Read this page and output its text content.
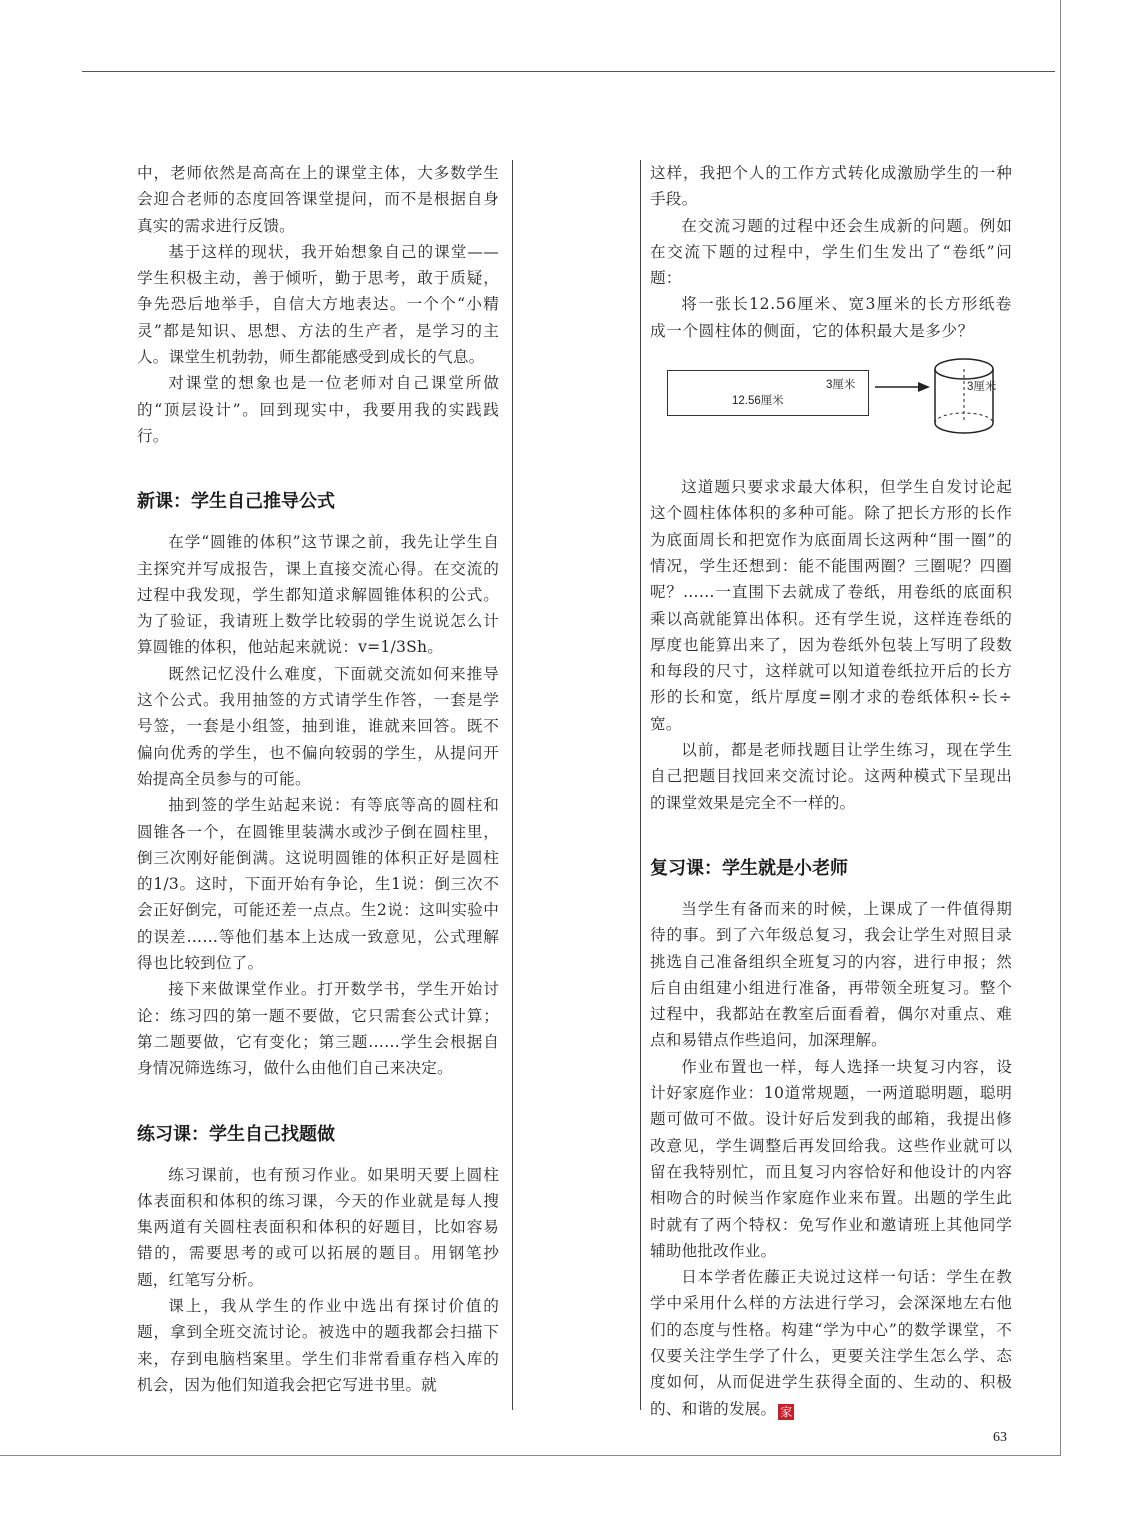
中，老师依然是高高在上的课堂主体，大多数学生会迎合老师的态度回答课堂提问，而不是根据自身真实的需求进行反馈。

基于这样的现状，我开始想象自己的课堂——学生积极主动，善于倾听，勤于思考，敢于质疑，争先恐后地举手，自信大方地表达。一个个“小精灵”都是知识、思想、方法的生产者，是学习的主人。课堂生机勃勃，师生都能感受到成长的气息。

对课堂的想象也是一位老师对自己课堂所做的“顶层设计”。回到现实中，我要用我的实践践行。

新课：学生自己推导公式

在学“圆锥的体积”这节课之前，我先让学生自主探究并写成报告，课上直接交流心得。在交流的过程中我发现，学生都知道求解圆锥体积的公式。为了验证，我请班上数学比较弱的学生说说怎么计算圆锥的体积，他站起来就说：v=1/3Sh。

既然记忆没什么难度，下面就交流如何来推导这个公式。我用抽签的方式请学生作答，一套是学号签，一套是小组签，抽到谁，谁就来回答。既不偏向优秀的学生，也不偏向较弱的学生，从提问开始提高全员参与的可能。

抽到签的学生站起来说：有等底等高的圆柱和圆锥各一个，在圆锥里装满水或沙子倒在圆柱里，倒三次刚好能倒满。这说明圆锥的体积正好是圆柱的1/3。这时，下面开始有争论，生1说：倒三次不会正好倒完，可能还差一点点。生2说：这叫实验中的误差……等他们基本上达成一致意见，公式理解得也比较到位了。

接下来做课堂作业。打开数学书，学生开始讨论：练习四的第一题不要做，它只需套公式计算；第二题要做，它有变化；第三题……学生会根据自身情况筛选练习，做什么由他们自己来决定。

练习课：学生自己找题做

练习课前，也有预习作业。如果明天要上圆柱体表面积和体积的练习课，今天的作业就是每人搜集两道有关圆柱表面积和体积的好题目，比如容易错的，需要思考的或可以拓展的题目。用钢笔抄题，红笔写分析。

课上，我从学生的作业中选出有探讨价值的题，拿到全班交流讨论。被选中的题我都会扫描下来，存到电脑档案里。学生们非常看重存档入库的机会，因为他们知道我会把它写进书里。就

这样，我把个人的工作方式转化成激励学生的一种手段。

在交流习题的过程中还会生成新的问题。例如在交流下题的过程中，学生们生发出了“卷纸”问题：

将一张长12.56厘米、宽3厘米的长方形纸卷成一个圆柱体的侧面，它的体积最大是多少？
12.56厘米
3厘米	3厘米

这道题只要求求最大体积，但学生自发讨论起这个圆柱体体积的多种可能。除了把长方形的长作为底面周长和把宽作为底面周长这两种“围一圈”的情况，学生还想到：能不能围两圈？三圈呢？四圈呢？……一直围下去就成了卷纸，用卷纸的底面积乘以高就能算出体积。还有学生说，这样连卷纸的厚度也能算出来了，因为卷纸外包装上写明了段数和每段的尺寸，这样就可以知道卷纸拉开后的长方形的长和宽，纸片厚度=刚才求的卷纸体积÷长÷宽。

以前，都是老师找题目让学生练习，现在学生自己把题目找回来交流讨论。这两种模式下呈现出的课堂效果是完全不一样的。

复习课：学生就是小老师

当学生有备而来的时候，上课成了一件值得期待的事。到了六年级总复习，我会让学生对照目录挑选自己准备组织全班复习的内容，进行申报；然后自由组建小组进行准备，再带领全班复习。整个过程中，我都站在教室后面看着，偶尔对重点、难点和易错点作些追问，加深理解。

作业布置也一样，每人选择一块复习内容，设计好家庭作业：10道常规题，一两道聪明题，聪明题可做可不做。设计好后发到我的邮箱，我提出修改意见，学生调整后再发回给我。这些作业就可以留在我特别忙，而且复习内容恰好和他设计的内容相吻合的时候当作家庭作业来布置。出题的学生此时就有了两个特权：免写作业和邀请班上其他同学辅助他批改作业。

日本学者佐藤正夫说过这样一句话：学生在教学中采用什么样的方法进行学习，会深深地左右他们的态度与性格。构建“学为中心”的数学课堂，不仅要关注学生学了什么，更要关注学生怎么学、态度如何，从而促进学生获得全面的、生动的、积极的、和谐的发展。 家

63
